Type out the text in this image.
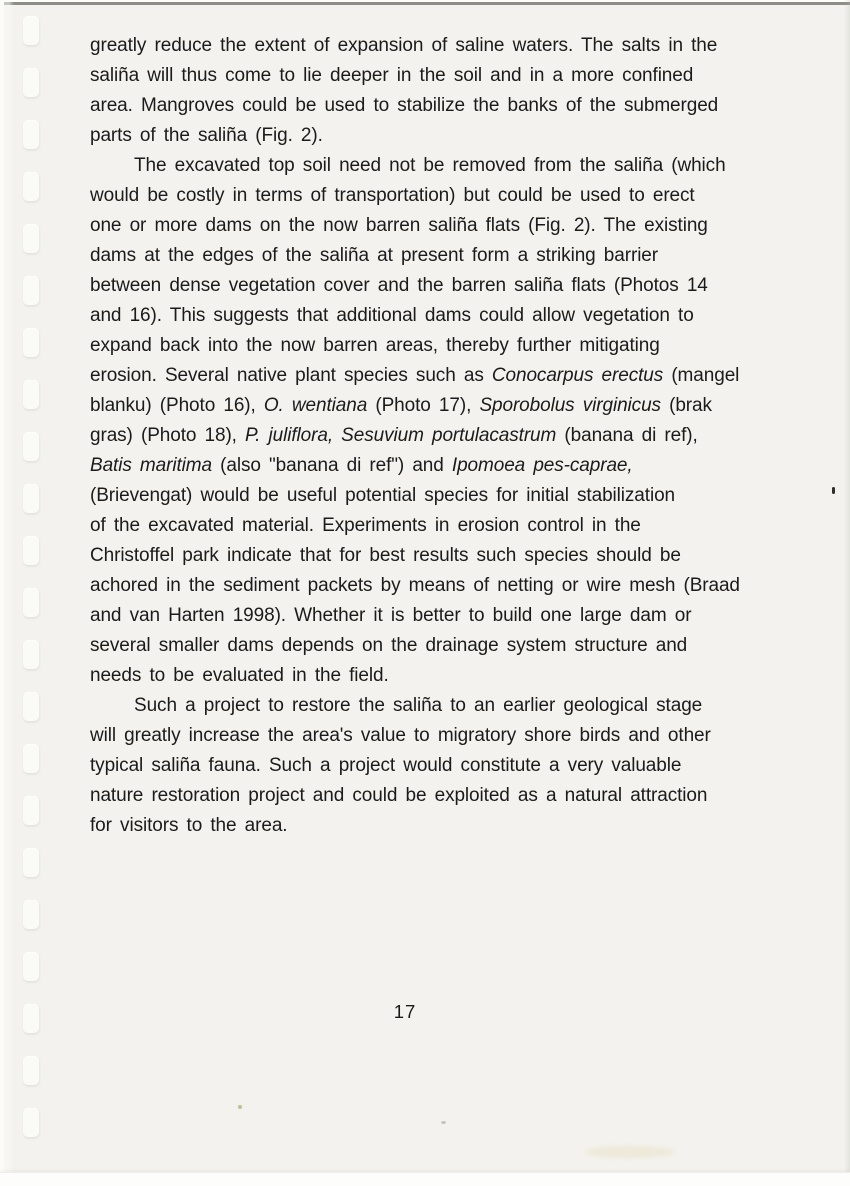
greatly reduce the extent of expansion of saline waters. The salts in the
saliña will thus come to lie deeper in the soil and in a more confined
area. Mangroves could be used to stabilize the banks of the submerged
parts of the saliña (Fig. 2).
The excavated top soil need not be removed from the saliña (which
would be costly in terms of transportation) but could be used to erect
one or more dams on the now barren saliña flats (Fig. 2). The existing
dams at the edges of the saliña at present form a striking barrier
between dense vegetation cover and the barren saliña flats (Photos 14
and 16). This suggests that additional dams could allow vegetation to
expand back into the now barren areas, thereby further mitigating
erosion. Several native plant species such as Conocarpus erectus (mangel
blanku) (Photo 16), O. wentiana (Photo 17), Sporobolus virginicus (brak
gras) (Photo 18), P. juliflora, Sesuvium portulacastrum (banana di ref),
Batis maritima (also "banana di ref") and Ipomoea pes-caprae,
(Brievengat) would be useful potential species for initial stabilization
of the excavated material. Experiments in erosion control in the
Christoffel park indicate that for best results such species should be
achored in the sediment packets by means of netting or wire mesh (Braad
and van Harten 1998). Whether it is better to build one large dam or
several smaller dams depends on the drainage system structure and
needs to be evaluated in the field.
Such a project to restore the saliña to an earlier geological stage
will greatly increase the area's value to migratory shore birds and other
typical saliña fauna. Such a project would constitute a very valuable
nature restoration project and could be exploited as a natural attraction
for visitors to the area.
17
